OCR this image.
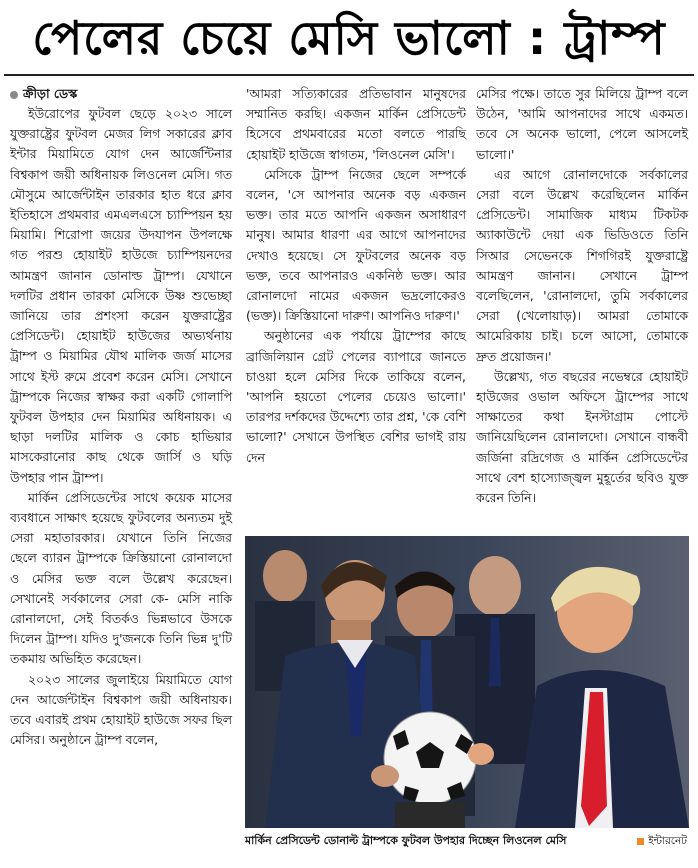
পেলের চেয়ে মেসি ভালো : ট্রাম্প
ক্রীড়া ডেস্ক

ইউরোপের ফুটবল ছেড়ে ২০২৩ সালে যুক্তরাষ্ট্রের ফুটবল মেজর লিগ সকারের ক্লাব ইন্টার মিয়ামিতে যোগ দেন আর্জেন্টিনার বিশ্বকাপ জয়ী অধিনায়ক লিওনেল মেসি। গত মৌসুমে আর্জেন্টাইন তারকার হাত ধরে ক্লাব ইতিহাসে প্রথমবার এমএলএসে চ্যাম্পিয়ন হয় মিয়ামি। শিরোপা জয়ের উদযাপন উপলক্ষে গত পরশু হোয়াইট হাউজে চ্যাম্পিয়নদের আমন্ত্রণ জানান ডোনাল্ড ট্রাম্প। যেখানে দলটির প্রধান তারকা মেসিকে উষ্ণ শুভেচ্ছা জানিয়ে তার প্রশংসা করেন যুক্তরাষ্ট্রের প্রেসিডেন্ট। হোয়াইট হাউজের অভ্যর্থনায় ট্রাম্প ও মিয়ামির যৌথ মালিক জর্জ মাসের সাথে ইস্ট রুমে প্রবেশ করেন মেসি। সেখানে ট্রাম্পকে নিজের স্বাক্ষর করা একটি গোলাপি ফুটবল উপহার দেন মিয়ামির অধিনায়ক। এ ছাড়া দলটির মালিক ও কোচ হাভিয়ার মাসকেরানোর কাছ থেকে জার্সি ও ঘড়ি উপহার পান ট্রাম্প।

মার্কিন প্রেসিডেন্টের সাথে কয়েক মাসের ব্যবধানে সাক্ষাৎ হয়েছে ফুটবলের অন্যতম দুই সেরা মহাতারকার। যেখানে তিনি নিজের ছেলে ব্যারন ট্রাম্পকে ক্রিস্তিয়ানো রোনালদো ও মেসির ভক্ত বলে উল্লেখ করেছেন। সেখানেই সর্বকালের সেরা কে- মেসি নাকি রোনালদো, সেই বিতর্কও ভিন্নভাবে উসকে দিলেন ট্রাম্প। যদিও দু'জনকে তিনি ভিন্ন দু'টি তকমায় অভিহিত করেছেন।

২০২৩ সালের জুলাইয়ে মিয়ামিতে যোগ দেন আর্জেন্টাইন বিশ্বকাপ জয়ী অধিনায়ক। তবে এবারই প্রথম হোয়াইট হাউজে সফর ছিল মেসির। অনুষ্ঠানে ট্রাম্প বলেন,

'আমরা সত্যিকারের প্রতিভাবান মানুষদের সম্মানিত করছি। একজন মার্কিন প্রেসিডেন্ট হিসেবে প্রথমবারের মতো বলতে পারছি হোয়াইট হাউজে স্বাগতম, 'লিওনেল মেসি'।

মেসিকে ট্রাম্প নিজের ছেলে সম্পর্কে বলেন, 'সে আপনার অনেক বড় একজন ভক্ত। তার মতে আপনি একজন অসাধারণ মানুষ। আমার ধারণা এর আগে আপনাদের দেখাও হয়েছে। সে ফুটবলের অনেক বড় ভক্ত, তবে আপনারও একনিষ্ঠ ভক্ত। আর রোনালদো নামের একজন ভদ্রলোকেরও (ভক্ত)। ক্রিস্তিয়ানো দারুণ। আপনিও দারুণ।'

অনুষ্ঠানের এক পর্যায়ে ট্রাম্পের কাছে ব্রাজিলিয়ান গ্রেট পেলের ব্যাপারে জানতে চাওয়া হলে মেসির দিকে তাকিয়ে বলেন, 'আপনি হয়তো পেলের চেয়েও ভালো।' তারপর দর্শকদের উদ্দেশ্যে তার প্রশ্ন, 'কে বেশি ভালো?' সেখানে উপস্থিত বেশির ভাগই রায় দেন

মেসির পক্ষে। তাতে সুর মিলিয়ে ট্রাম্প বলে উঠেন, 'আমি আপনাদের সাথে একমত। তবে সে অনেক ভালো, পেলে আসলেই ভালো।'

এর আগে রোনালদোকে সর্বকালের সেরা বলে উল্লেখ করেছিলেন মার্কিন প্রেসিডেন্ট। সামাজিক মাধ্যম টিকটক অ্যাকাউন্টে দেয়া এক ভিডিওতে তিনি সিআর সেভেনকে শিগগিরই যুক্তরাষ্ট্রে আমন্ত্রণ জানান। সেখানে ট্রাম্প বলেছিলেন, 'রোনালদো, তুমি সর্বকালের সেরা (খেলোয়াড়)। আমরা তোমাকে আমেরিকায় চাই। চলে আসো, তোমাকে দ্রুত প্রয়োজন।'

উল্লেখ্য, গত বছরের নভেম্বরে হোয়াইট হাউজের ওভাল অফিসে ট্রাম্পের সাথে সাক্ষাতের কথা ইনস্টাগ্রাম পোস্টে জানিয়েছিলেন রোনালদো। সেখানে বান্ধবী জর্জিনা রদ্রিগেজ ও মার্কিন প্রেসিডেন্টের সাথে বেশ হাস্যোজ্জ্বল মুহূর্তের ছবিও যুক্ত করেন তিনি।

মার্কিন প্রেসিডেন্ট ডোনাল্ট ট্রাম্পকে ফুটবল উপহার দিচ্ছেন লিওনেল মেসি	ইন্টারনেট
